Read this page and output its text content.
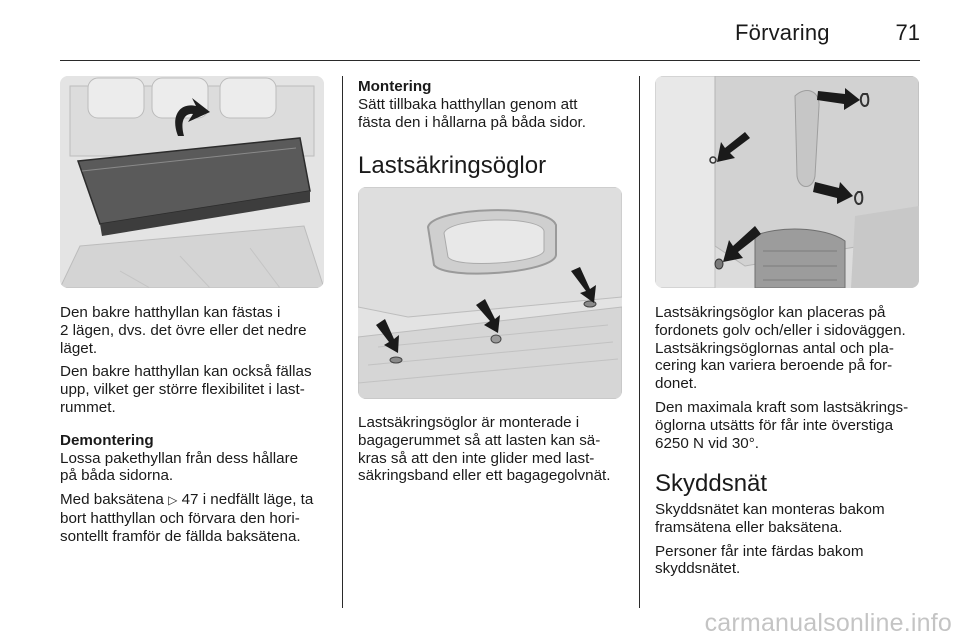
Förvaring	71

Den bakre hatthyllan kan fästas i

2 lägen, dvs. det övre eller det nedre

läget.

Den bakre hatthyllan kan också fällas

upp, vilket ger större flexibilitet i last-

rummet.

Demontering

Lossa pakethyllan från dess hållare

på båda sidorna.

Med baksätena ▷ 47 i nedfällt läge, ta

bort hatthyllan och förvara den hori-

sontellt framför de fällda baksätena.

Montering

Sätt tillbaka hatthyllan genom att

fästa den i hållarna på båda sidor.

Lastsäkringsöglor

Lastsäkringsöglor är monterade i

bagagerummet så att lasten kan sä-

kras så att den inte glider med last-

säkringsband eller ett bagagegolvnät.

Lastsäkringsöglor kan placeras på

fordonets golv och/eller i sidoväggen.

Lastsäkringsöglornas antal och pla-

cering kan variera beroende på for-

donet.

Den maximala kraft som lastsäkrings-

öglorna utsätts för får inte överstiga

6250 N vid 30°.

Skyddsnät

Skyddsnätet kan monteras bakom

framsätena eller baksätena.

Personer får inte färdas bakom

skyddsnätet.

carmanualsonline.info
